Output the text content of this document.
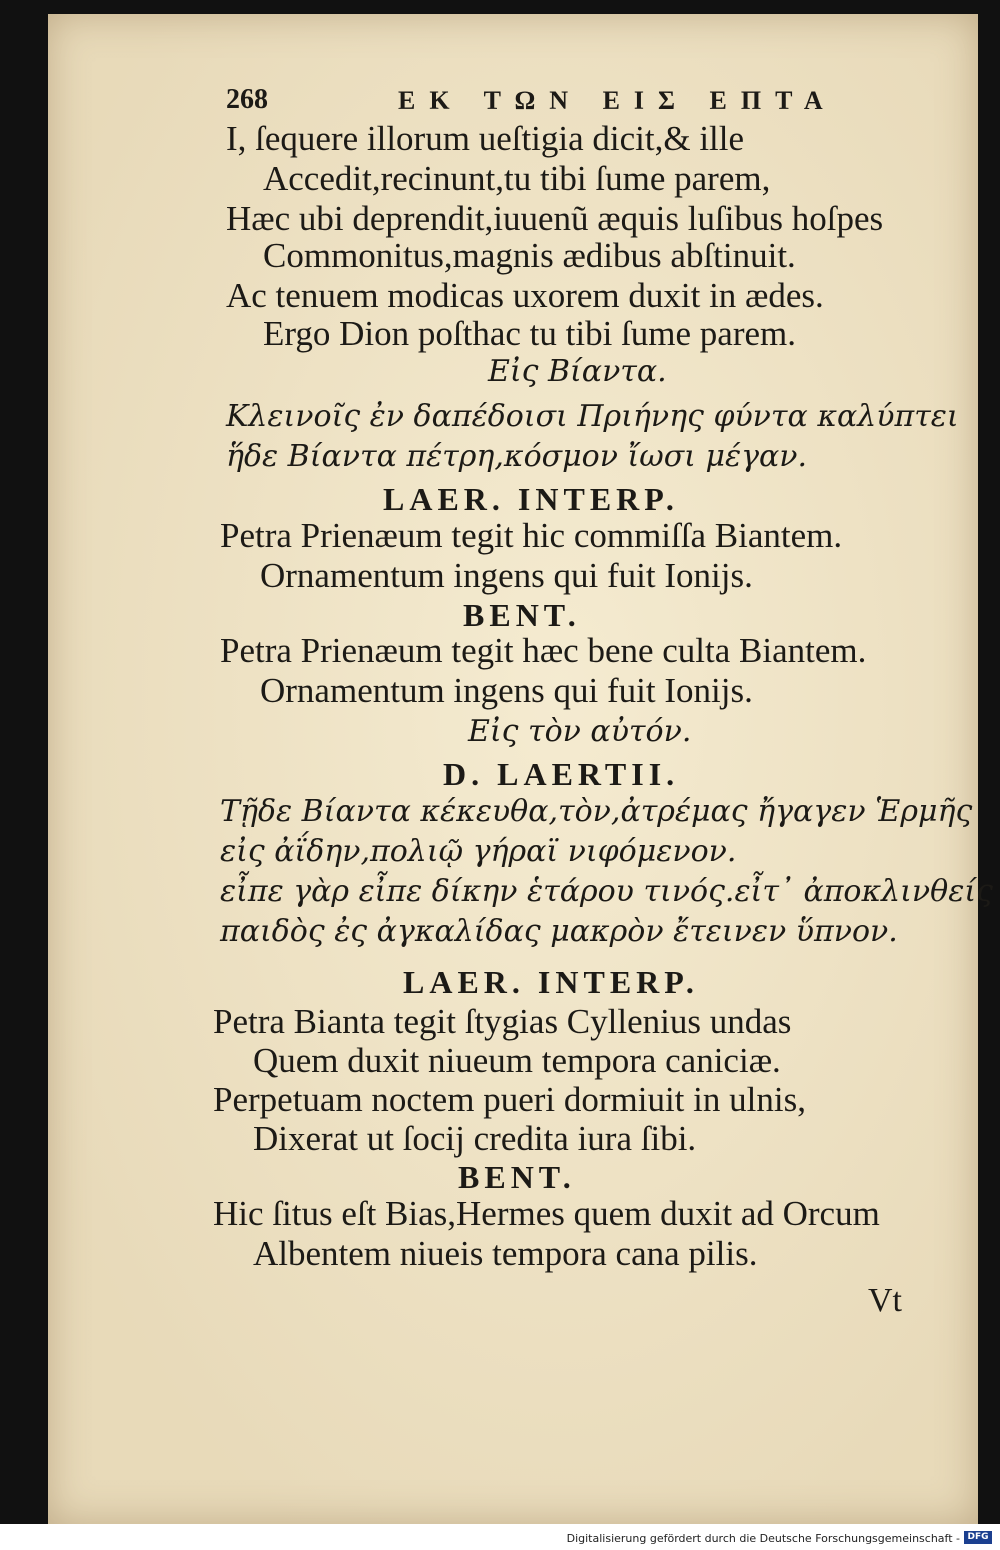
268	ΕΚ ΤΩΝ ΕΙΣ ΕΠΤΑ
I, ſequere illorum ueſtigia dicit,& ille
Accedit,recinunt,tu tibi ſume parem,
Hæc ubi deprendit,iuuenũ æquis luſibus hoſpes
Commonitus,magnis ædibus abſtinuit.
Ac tenuem modicas uxorem duxit in ædes.
Ergo Dion poſthac tu tibi ſume parem.
Εἰς Βίαντα.
Κλεινοῖς ἐν δαπέδοισι Πριήνης φύντα καλύπτει
ἥδε Βίαντα πέτρη,κόσμον ἴωσι μέγαν.
LAER. INTERP.
Petra Prienæum tegit hic commiſſa Biantem.
Ornamentum ingens qui fuit Ionijs.
BENT.
Petra Prienæum tegit hæc bene culta Biantem.
Ornamentum ingens qui fuit Ionijs.
Εἰς τὸν αὐτόν.
D. LAERTII.
Τῇδε Βίαντα κέκευθα,τὸν,ἀτρέμας ἤγαγεν Ἑρμῆς
εἰς ἀΐδην,πολιῷ γήραϊ νιφόμενον.
εἶπε γὰρ εἶπε δίκην ἑτάρου τινός.εἶτ᾽ ἀποκλινθείς
παιδὸς ἐς ἀγκαλίδας μακρὸν ἔτεινεν ὕπνον.
LAER. INTERP.
Petra Bianta tegit ſtygias Cyllenius undas
Quem duxit niueum tempora caniciæ.
Perpetuam noctem pueri dormiuit in ulnis,
Dixerat ut ſocij credita iura ſibi.
BENT.
Hic ſitus eſt Bias,Hermes quem duxit ad Orcum
Albentem niueis tempora cana pilis.
Vt
Digitalisierung gefördert durch die Deutsche Forschungsgemeinschaft - DFG
